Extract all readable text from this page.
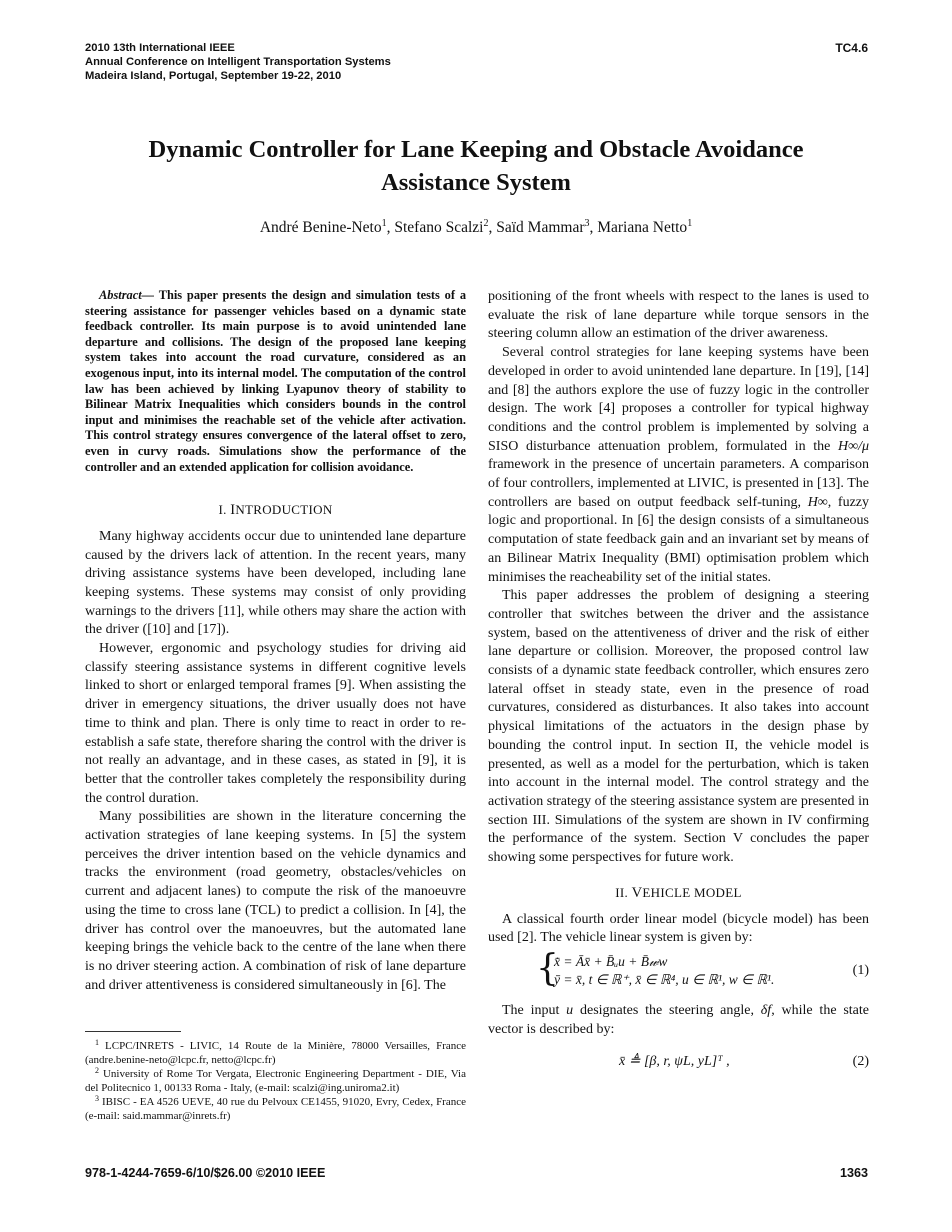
2010 13th International IEEE
Annual Conference on Intelligent Transportation Systems
Madeira Island, Portugal, September 19-22, 2010
TC4.6
Dynamic Controller for Lane Keeping and Obstacle Avoidance
Assistance System
André Benine-Neto$^1$, Stefano Scalzi$^2$, Saïd Mammar$^3$, Mariana Netto$^1$

Abstract— This paper presents the design and simulation tests of a steering assistance for passenger vehicles based on a dynamic state feedback controller. Its main purpose is to avoid unintended lane departure and collisions. The design of the proposed lane keeping system takes into account the road curvature, considered as an exogenous input, into its internal model. The computation of the control law has been achieved by linking Lyapunov theory of stability to Bilinear Matrix Inequalities which considers bounds in the control input and minimises the reachable set of the vehicle after activation. This control strategy ensures convergence of the lateral offset to zero, even in curvy roads. Simulations show the performance of the controller and an extended application for collision avoidance.

I. INTRODUCTION

Many highway accidents occur due to unintended lane departure caused by the drivers lack of attention. In the recent years, many driving assistance systems have been developed, including lane keeping systems. These systems may consist of only providing warnings to the drivers [11], while others may share the action with the driver ([10] and [17]).

However, ergonomic and psychology studies for driving aid classify steering assistance systems in different cognitive levels linked to short or enlarged temporal frames [9]. When assisting the driver in emergency situations, the driver usually does not have time to think and plan. There is only time to react in order to re-establish a safe state, therefore sharing the control with the driver is not really an advantage, and in these cases, as stated in [9], it is better that the controller takes completely the responsibility during the control duration.

Many possibilities are shown in the literature concerning the activation strategies of lane keeping systems. In [5] the system perceives the driver intention based on the vehicle dynamics and tracks the environment (road geometry, obstacles/vehicles on current and adjacent lanes) to compute the risk of the manoeuvre using the time to cross lane (TCL) to predict a collision. In [4], the driver has control over the manoeuvres, but the automated lane keeping brings the vehicle back to the centre of the lane when there is no driver steering action. A combination of risk of lane departure and driver attentiveness is considered simultaneously in [6]. The

$^1$ LCPC/INRETS - LIVIC, 14 Route de la Minière, 78000 Versailles, France (andre.benine-neto@lcpc.fr, netto@lcpc.fr)

$^2$ University of Rome Tor Vergata, Electronic Engineering Department - DIE, Via del Politecnico 1, 00133 Roma - Italy, (e-mail: scalzi@ing.uniroma2.it)

$^3$ IBISC - EA 4526 UEVE, 40 rue du Pelvoux CE1455, 91020, Evry, Cedex, France (e-mail: said.mammar@inrets.fr)

positioning of the front wheels with respect to the lanes is used to evaluate the risk of lane departure while torque sensors in the steering column allow an estimation of the driver awareness.

Several control strategies for lane keeping systems have been developed in order to avoid unintended lane departure. In [19], [14] and [8] the authors explore the use of fuzzy logic in the controller design. The work [4] proposes a controller for typical highway conditions and the control problem is implemented by solving a SISO disturbance attenuation problem, formulated in the H∞/μ framework in the presence of uncertain parameters. A comparison of four controllers, implemented at LIVIC, is presented in [13]. The controllers are based on output feedback self-tuning, H∞, fuzzy logic and proportional. In [6] the design consists of a simultaneous computation of state feedback gain and an invariant set by means of an Bilinear Matrix Inequality (BMI) optimisation problem which minimises the reacheability set of the initial states.

This paper addresses the problem of designing a steering controller that switches between the driver and the assistance system, based on the attentiveness of driver and the risk of either lane departure or collision. Moreover, the proposed control law consists of a dynamic state feedback controller, which ensures zero lateral offset in steady state, even in the presence of road curvatures, considered as disturbances. It also takes into account physical limitations of the actuators in the design phase by bounding the control input. In section II, the vehicle model is presented, as well as a model for the perturbation, which is taken into account in the internal model. The control strategy and the activation strategy of the steering assistance system are presented in section III. Simulations of the system are shown in IV confirming the performance of the system. Section V concludes the paper showing some perspectives for future work.

II. VEHICLE MODEL

A classical fourth order linear model (bicycle model) has been used [2]. The vehicle linear system is given by:

{
x̄̇ = Āx̄ + B̄ᵤu + B̄𝓌w
ȳ = x̄, t ∈ ℝ⁺, x̄ ∈ ℝ⁴, u ∈ ℝ¹, w ∈ ℝ¹.
(1)

The input u designates the steering angle, δf, while the state vector is described by:

x̄ ≜ [β, r, ψL, yL]ᵀ ,	(2)
978-1-4244-7659-6/10/$26.00 ©2010 IEEE	1363
